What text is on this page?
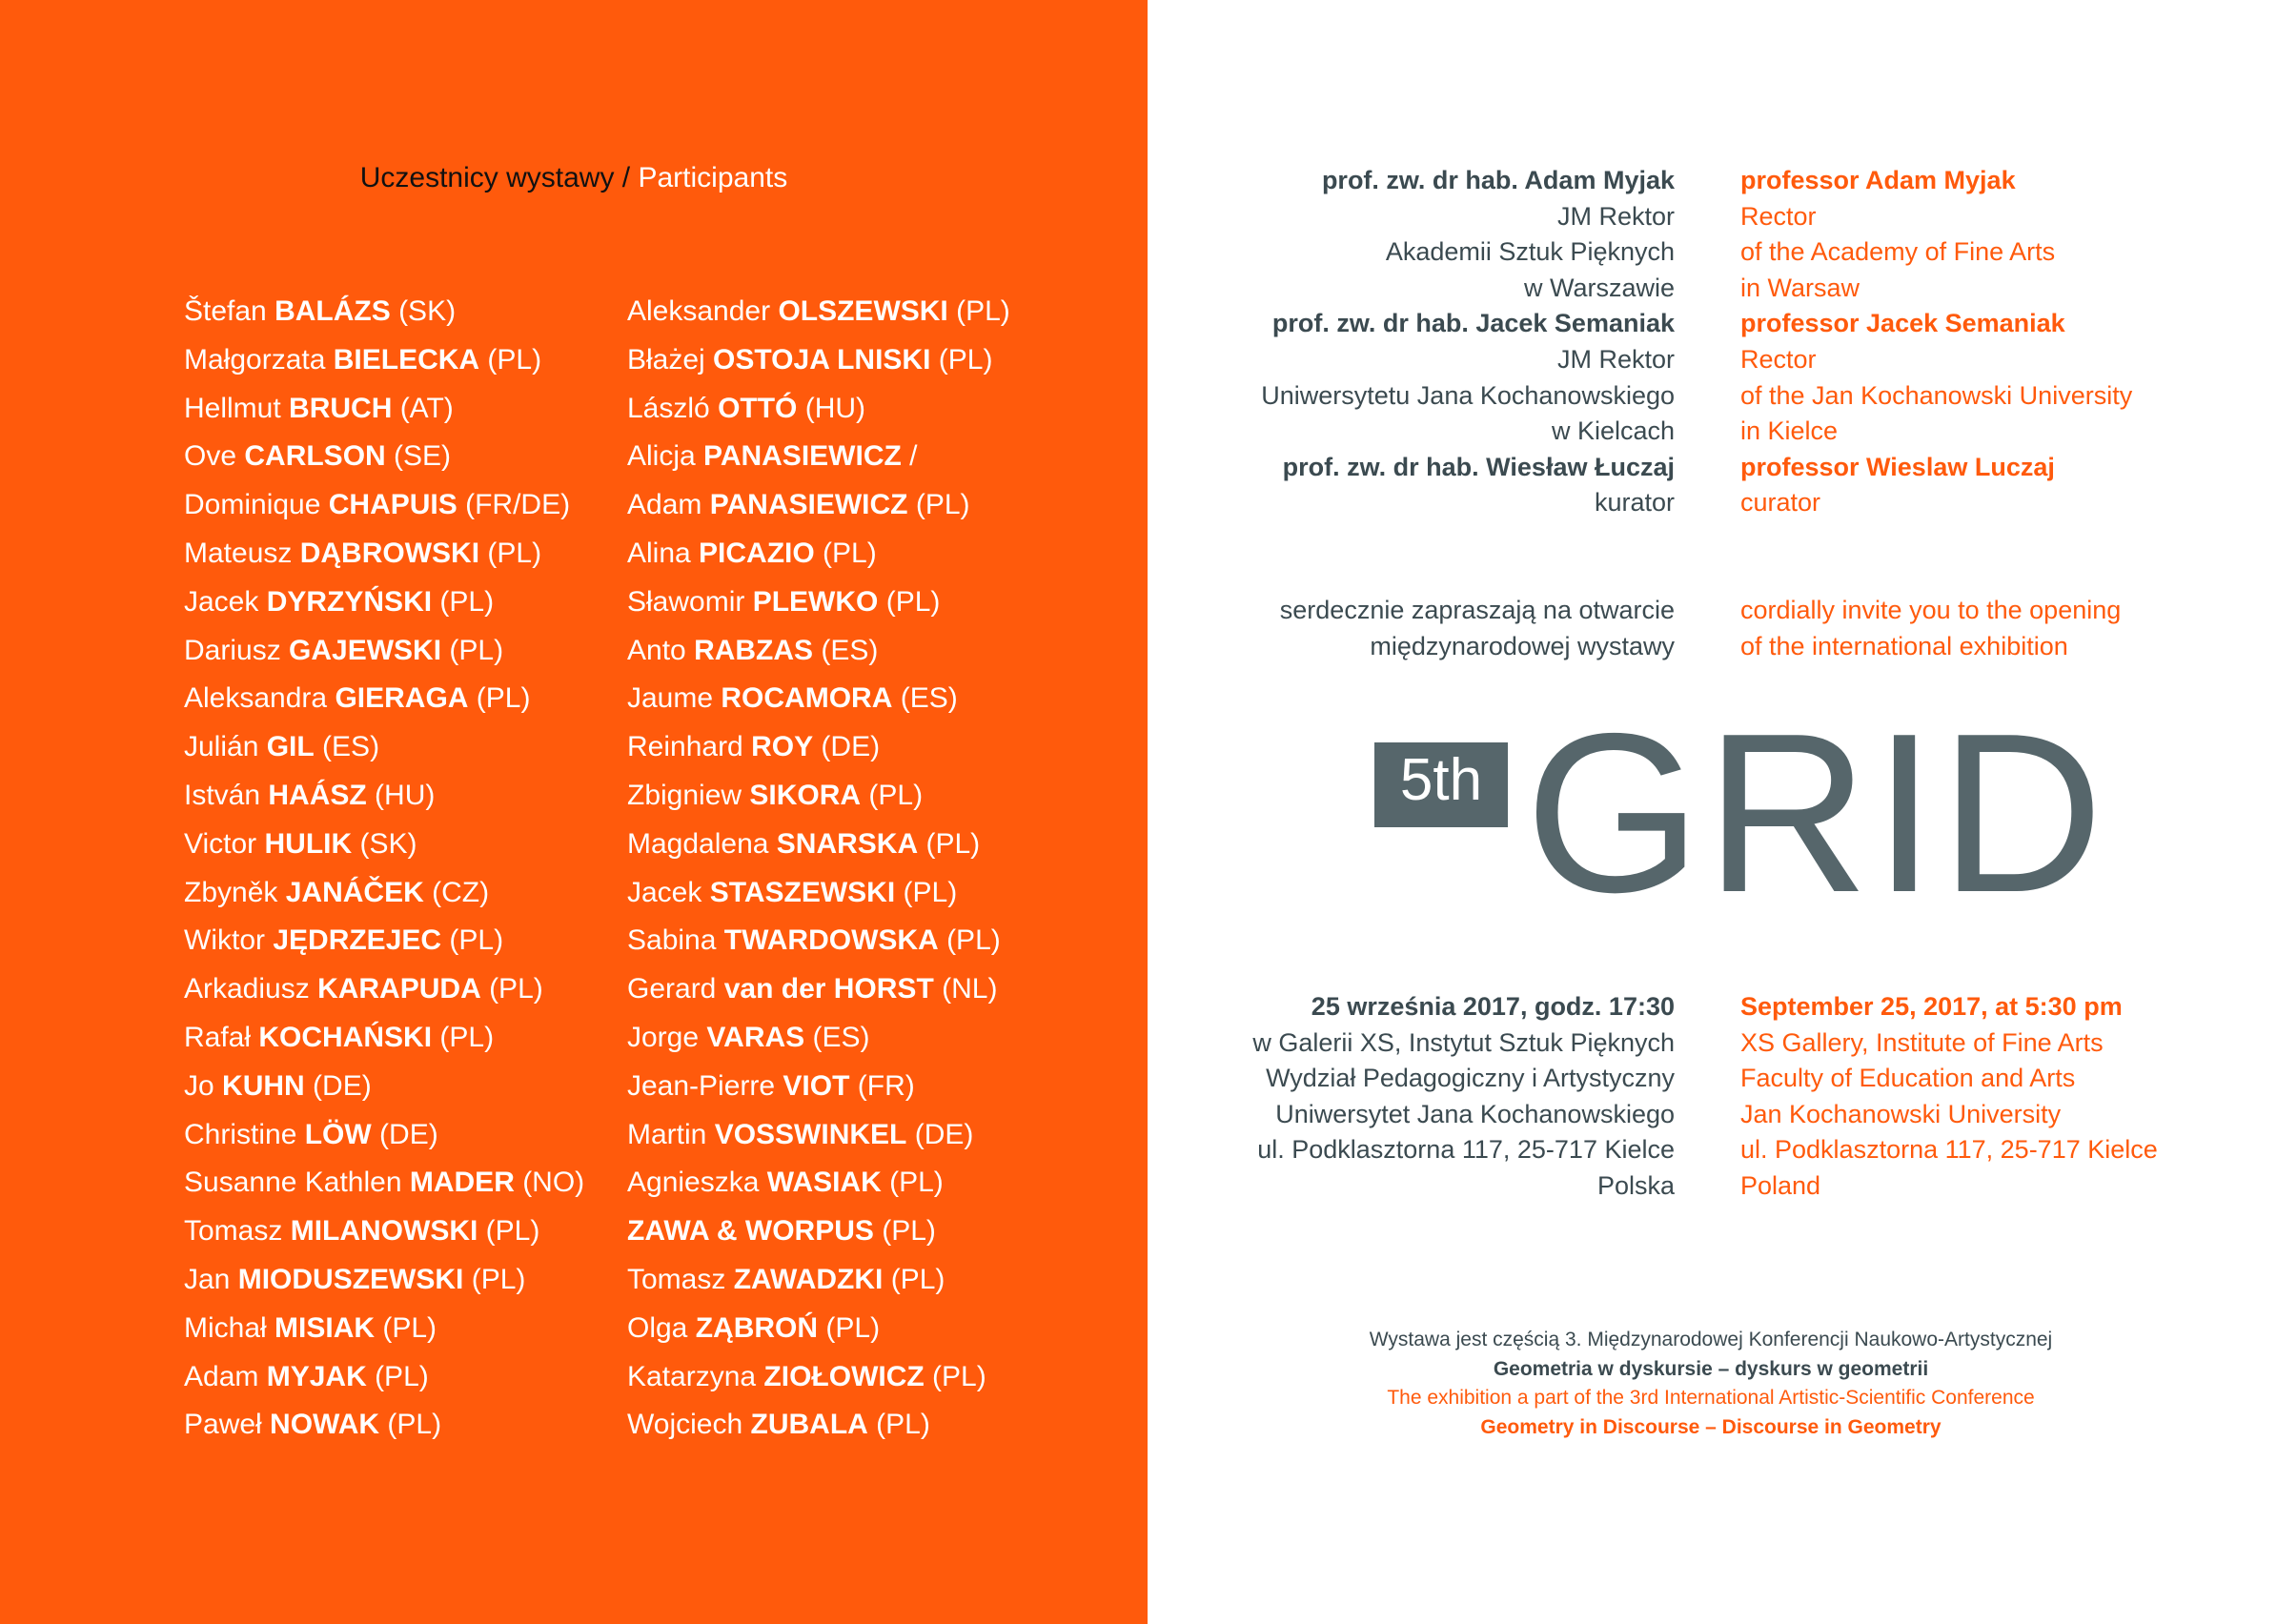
Uczestnicy wystawy / Participants
Štefan BALÁZS (SK)
Małgorzata BIELECKA (PL)
Hellmut BRUCH (AT)
Ove CARLSON (SE)
Dominique CHAPUIS (FR/DE)
Mateusz DĄBROWSKI (PL)
Jacek DYRZYŃSKI (PL)
Dariusz GAJEWSKI (PL)
Aleksandra GIERAGA (PL)
Julián GIL (ES)
István HAÁSZ (HU)
Victor HULIK (SK)
Zbyněk JANÁČEK (CZ)
Wiktor JĘDRZEJEC (PL)
Arkadiusz KARAPUDA (PL)
Rafał KOCHAŃSKI (PL)
Jo KUHN (DE)
Christine LÖW (DE)
Susanne Kathlen MADER (NO)
Tomasz MILANOWSKI (PL)
Jan MIODUSZEWSKI (PL)
Michał MISIAK (PL)
Adam MYJAK (PL)
Paweł NOWAK (PL)
Aleksander OLSZEWSKI (PL)
Błażej OSTOJA LNISKI (PL)
László OTTÓ (HU)
Alicja PANASIEWICZ /
Adam PANASIEWICZ (PL)
Alina PICAZIO (PL)
Sławomir PLEWKO (PL)
Anto RABZAS (ES)
Jaume ROCAMORA (ES)
Reinhard ROY (DE)
Zbigniew SIKORA (PL)
Magdalena SNARSKA (PL)
Jacek STASZEWSKI (PL)
Sabina TWARDOWSKA (PL)
Gerard van der HORST (NL)
Jorge VARAS (ES)
Jean-Pierre VIOT (FR)
Martin VOSSWINKEL (DE)
Agnieszka WASIAK (PL)
ZAWA & WORPUS (PL)
Tomasz ZAWADZKI (PL)
Olga ZĄBROŃ (PL)
Katarzyna ZIOŁOWICZ (PL)
Wojciech ZUBALA (PL)
prof. zw. dr hab. Adam Myjak
JM Rektor
Akademii Sztuk Pięknych
w Warszawie
prof. zw. dr hab. Jacek Semaniak
JM Rektor
Uniwersytetu Jana Kochanowskiego
w Kielcach
prof. zw. dr hab. Wiesław Łuczaj
kurator
professor Adam Myjak
Rector
of the Academy of Fine Arts
in Warsaw
professor Jacek Semaniak
Rector
of the Jan Kochanowski University
in Kielce
professor Wieslaw Luczaj
curator
serdecznie zapraszają na otwarcie
międzynarodowej wystawy
cordially invite you to the opening
of the international exhibition
5th GRID
25 września 2017, godz. 17:30
w Galerii XS, Instytut Sztuk Pięknych
Wydział Pedagogiczny i Artystyczny
Uniwersytet Jana Kochanowskiego
ul. Podklasztorna 117, 25-717 Kielce
Polska
September 25, 2017, at 5:30 pm
XS Gallery, Institute of Fine Arts
Faculty of Education and Arts
Jan Kochanowski University
ul. Podklasztorna 117, 25-717 Kielce
Poland
Wystawa jest częścią 3. Międzynarodowej Konferencji Naukowo-Artystycznej
Geometria w dyskursie – dyskurs w geometrii
The exhibition a part of the 3rd International Artistic-Scientific Conference
Geometry in Discourse – Discourse in Geometry
